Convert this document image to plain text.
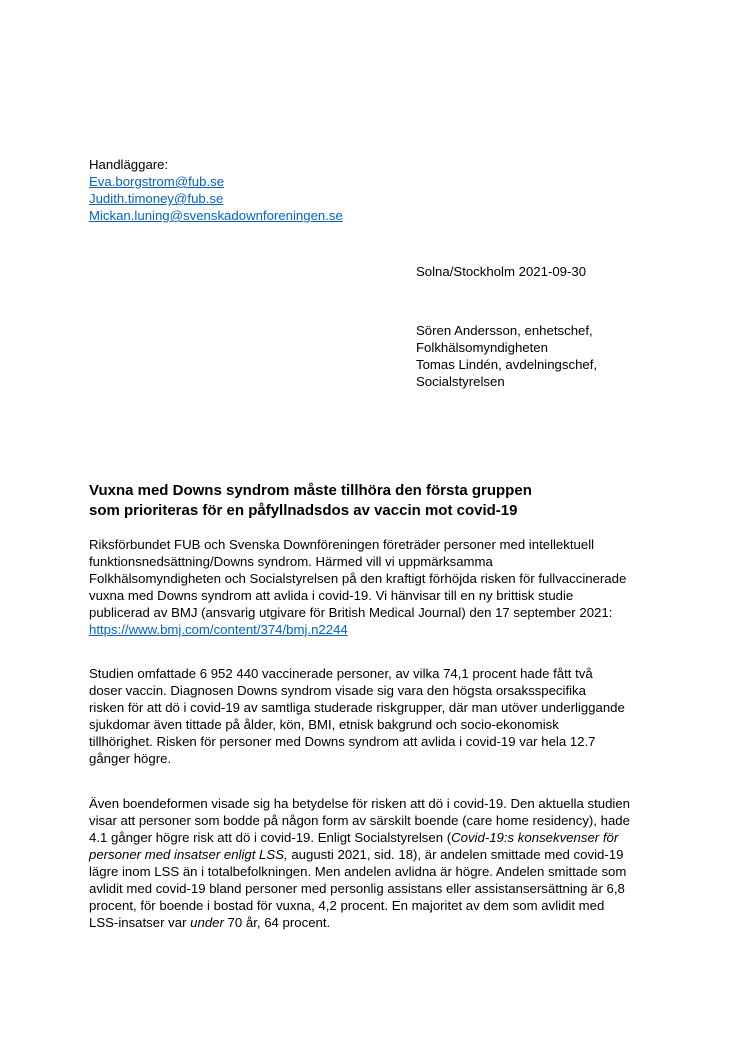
Handläggare:
Eva.borgstrom@fub.se
Judith.timoney@fub.se
Mickan.luning@svenskadownforeningen.se
Solna/Stockholm 2021-09-30
Sören Andersson, enhetschef,
Folkhälsomyndigheten
Tomas Lindén, avdelningschef,
Socialstyrelsen
Vuxna med Downs syndrom måste tillhöra den första gruppen
som prioriteras för en påfyllnadsdos av vaccin mot covid-19
Riksförbundet FUB och Svenska Downföreningen företräder personer med intellektuell
funktionsnedsättning/Downs syndrom. Härmed vill vi uppmärksamma
Folkhälsomyndigheten och Socialstyrelsen på den kraftigt förhöjda risken för fullvaccinerade
vuxna med Downs syndrom att avlida i covid-19. Vi hänvisar till en ny brittisk studie
publicerad av BMJ (ansvarig utgivare för British Medical Journal) den 17 september 2021:
https://www.bmj.com/content/374/bmj.n2244
Studien omfattade 6 952 440 vaccinerade personer, av vilka 74,1 procent hade fått två
doser vaccin. Diagnosen Downs syndrom visade sig vara den högsta orsaksspecifika
risken för att dö i covid-19 av samtliga studerade riskgrupper, där man utöver underliggande
sjukdomar även tittade på ålder, kön, BMI, etnisk bakgrund och socio-ekonomisk
tillhörighet. Risken för personer med Downs syndrom att avlida i covid-19 var hela 12.7
gånger högre.
Även boendeformen visade sig ha betydelse för risken att dö i covid-19. Den aktuella studien
visar att personer som bodde på någon form av särskilt boende (care home residency), hade
4.1 gånger högre risk att dö i covid-19. Enligt Socialstyrelsen (Covid-19:s konsekvenser för
personer med insatser enligt LSS, augusti 2021, sid. 18), är andelen smittade med covid-19
lägre inom LSS än i totalbefolkningen. Men andelen avlidna är högre. Andelen smittade som
avlidit med covid-19 bland personer med personlig assistans eller assistansersättning är 6,8
procent, för boende i bostad för vuxna, 4,2 procent. En majoritet av dem som avlidit med
LSS-insatser var under 70 år, 64 procent.
